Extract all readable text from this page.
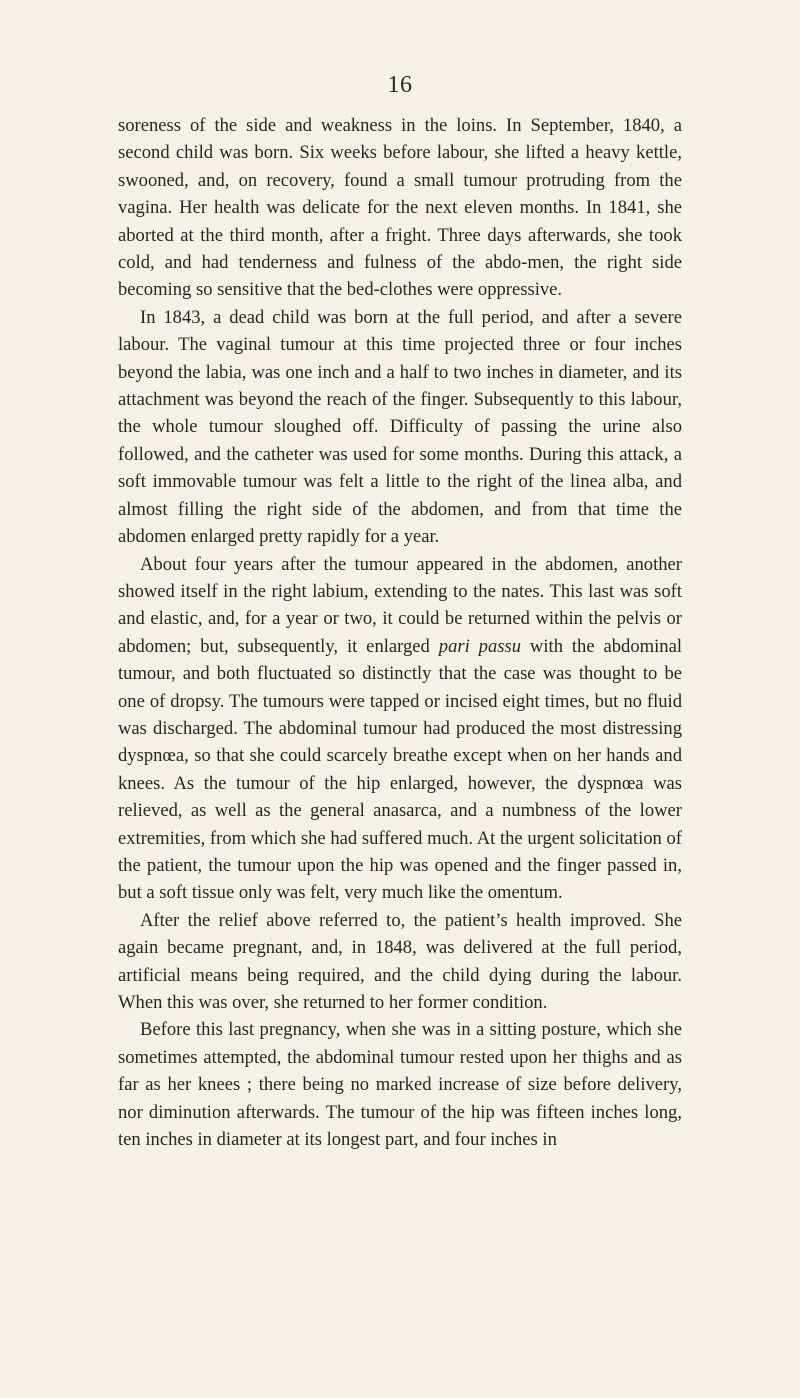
16

soreness of the side and weakness in the loins. In September, 1840, a second child was born. Six weeks before labour, she lifted a heavy kettle, swooned, and, on recovery, found a small tumour protruding from the vagina. Her health was delicate for the next eleven months. In 1841, she aborted at the third month, after a fright. Three days afterwards, she took cold, and had tenderness and fulness of the abdo-men, the right side becoming so sensitive that the bed-clothes were oppressive.

In 1843, a dead child was born at the full period, and after a severe labour. The vaginal tumour at this time projected three or four inches beyond the labia, was one inch and a half to two inches in diameter, and its attachment was beyond the reach of the finger. Subsequently to this labour, the whole tumour sloughed off. Difficulty of passing the urine also followed, and the catheter was used for some months. During this attack, a soft immovable tumour was felt a little to the right of the linea alba, and almost filling the right side of the abdomen, and from that time the abdomen enlarged pretty rapidly for a year.

About four years after the tumour appeared in the abdomen, another showed itself in the right labium, extending to the nates. This last was soft and elastic, and, for a year or two, it could be returned within the pelvis or abdomen; but, subsequently, it enlarged pari passu with the abdominal tumour, and both fluctuated so distinctly that the case was thought to be one of dropsy. The tumours were tapped or incised eight times, but no fluid was discharged. The abdominal tumour had produced the most distressing dyspnœa, so that she could scarcely breathe except when on her hands and knees. As the tumour of the hip enlarged, however, the dyspnœa was relieved, as well as the general anasarca, and a numbness of the lower extremities, from which she had suffered much. At the urgent solicitation of the patient, the tumour upon the hip was opened and the finger passed in, but a soft tissue only was felt, very much like the omentum.

After the relief above referred to, the patient’s health improved. She again became pregnant, and, in 1848, was delivered at the full period, artificial means being required, and the child dying during the labour. When this was over, she returned to her former condition.

Before this last pregnancy, when she was in a sitting posture, which she sometimes attempted, the abdominal tumour rested upon her thighs and as far as her knees ; there being no marked increase of size before delivery, nor diminution afterwards. The tumour of the hip was fifteen inches long, ten inches in diameter at its longest part, and four inches in
